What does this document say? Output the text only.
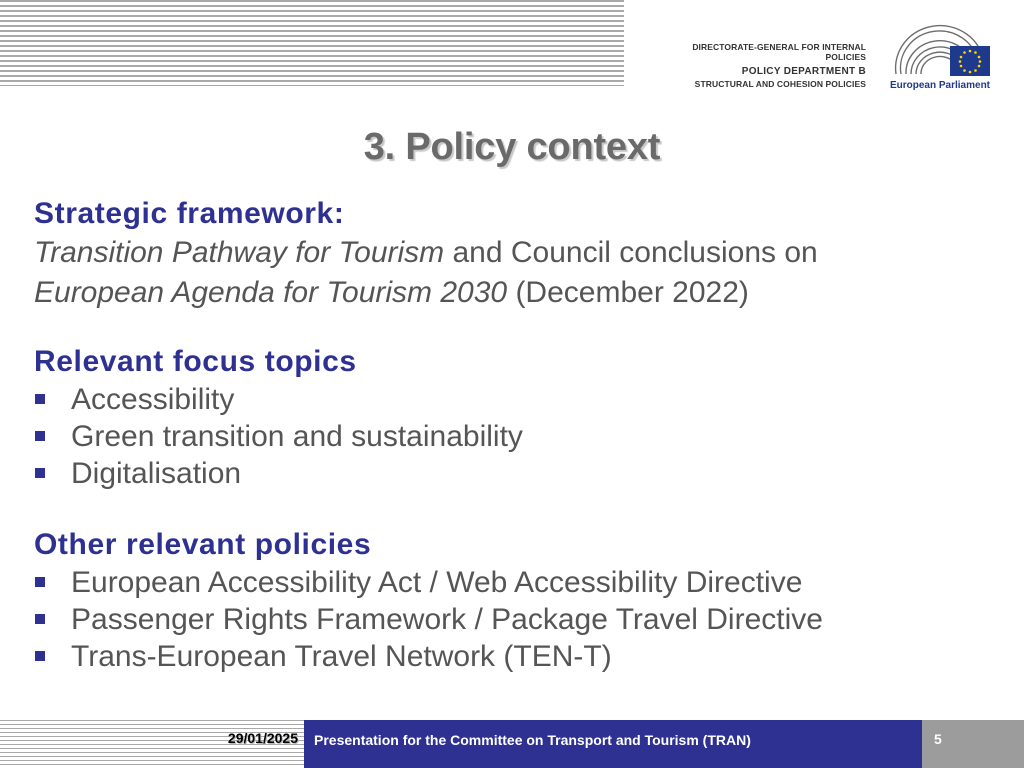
DIRECTORATE-GENERAL FOR INTERNAL POLICIES
POLICY DEPARTMENT B
STRUCTURAL AND COHESION POLICIES	European Parliament
3. Policy context
Strategic framework:
Transition Pathway for Tourism and Council conclusions on
European Agenda for Tourism 2030 (December 2022)
Relevant focus topics
Accessibility
Green transition and sustainability
Digitalisation
Other relevant policies
European Accessibility Act / Web Accessibility Directive
Passenger Rights Framework / Package Travel Directive
Trans-European Travel Network (TEN-T)
29/01/2025 Presentation for the Committee on Transport and Tourism (TRAN)	5
